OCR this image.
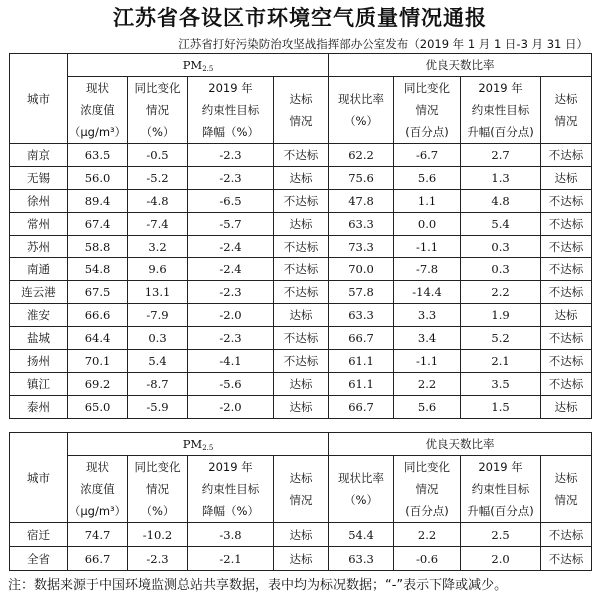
江苏省各设区市环境空气质量情况通报
江苏省打好污染防治攻坚战指挥部办公室发布（2019 年 1 月 1 日-3 月 31 日）
城市	$PM_{2.5}$				优良天数比率			

	现状
浓度值
（μg/m³）	同比变化
情况
（%）	2019 年
约束性目标
降幅（%）	达标
情况	现状比率
（%）	同比变化
情况
(百分点)	2019 年
约束性目标
升幅(百分点)	达标
情况

南京	63.5	-0.5	-2.3	不达标	62.2	-6.7	2.7	不达标
无锡	56.0	-5.2	-2.3	达标	75.6	5.6	1.3	达标
徐州	89.4	-4.8	-6.5	不达标	47.8	1.1	4.8	不达标
常州	67.4	-7.4	-5.7	达标	63.3	0.0	5.4	不达标
苏州	58.8	3.2	-2.4	不达标	73.3	-1.1	0.3	不达标
南通	54.8	9.6	-2.4	不达标	70.0	-7.8	0.3	不达标
连云港	67.5	13.1	-2.3	不达标	57.8	-14.4	2.2	不达标
淮安	66.6	-7.9	-2.0	达标	63.3	3.3	1.9	达标
盐城	64.4	0.3	-2.3	不达标	66.7	3.4	5.2	不达标
扬州	70.1	5.4	-4.1	不达标	61.1	-1.1	2.1	不达标
镇江	69.2	-8.7	-5.6	达标	61.1	2.2	3.5	不达标
泰州	65.0	-5.9	-2.0	达标	66.7	5.6	1.5	达标
城市	$PM_{2.5}$				优良天数比率			

	现状
浓度值
（μg/m³）	同比变化
情况
（%）	2019 年
约束性目标
降幅（%）	达标
情况	现状比率
（%）	同比变化
情况
(百分点)	2019 年
约束性目标
升幅(百分点)	达标
情况

宿迁	74.7	-10.2	-3.8	达标	54.4	2.2	2.5	不达标
全省	66.7	-2.3	-2.1	达标	63.3	-0.6	2.0	不达标
注：数据来源于中国环境监测总站共享数据，表中均为标况数据；“-”表示下降或减少。
